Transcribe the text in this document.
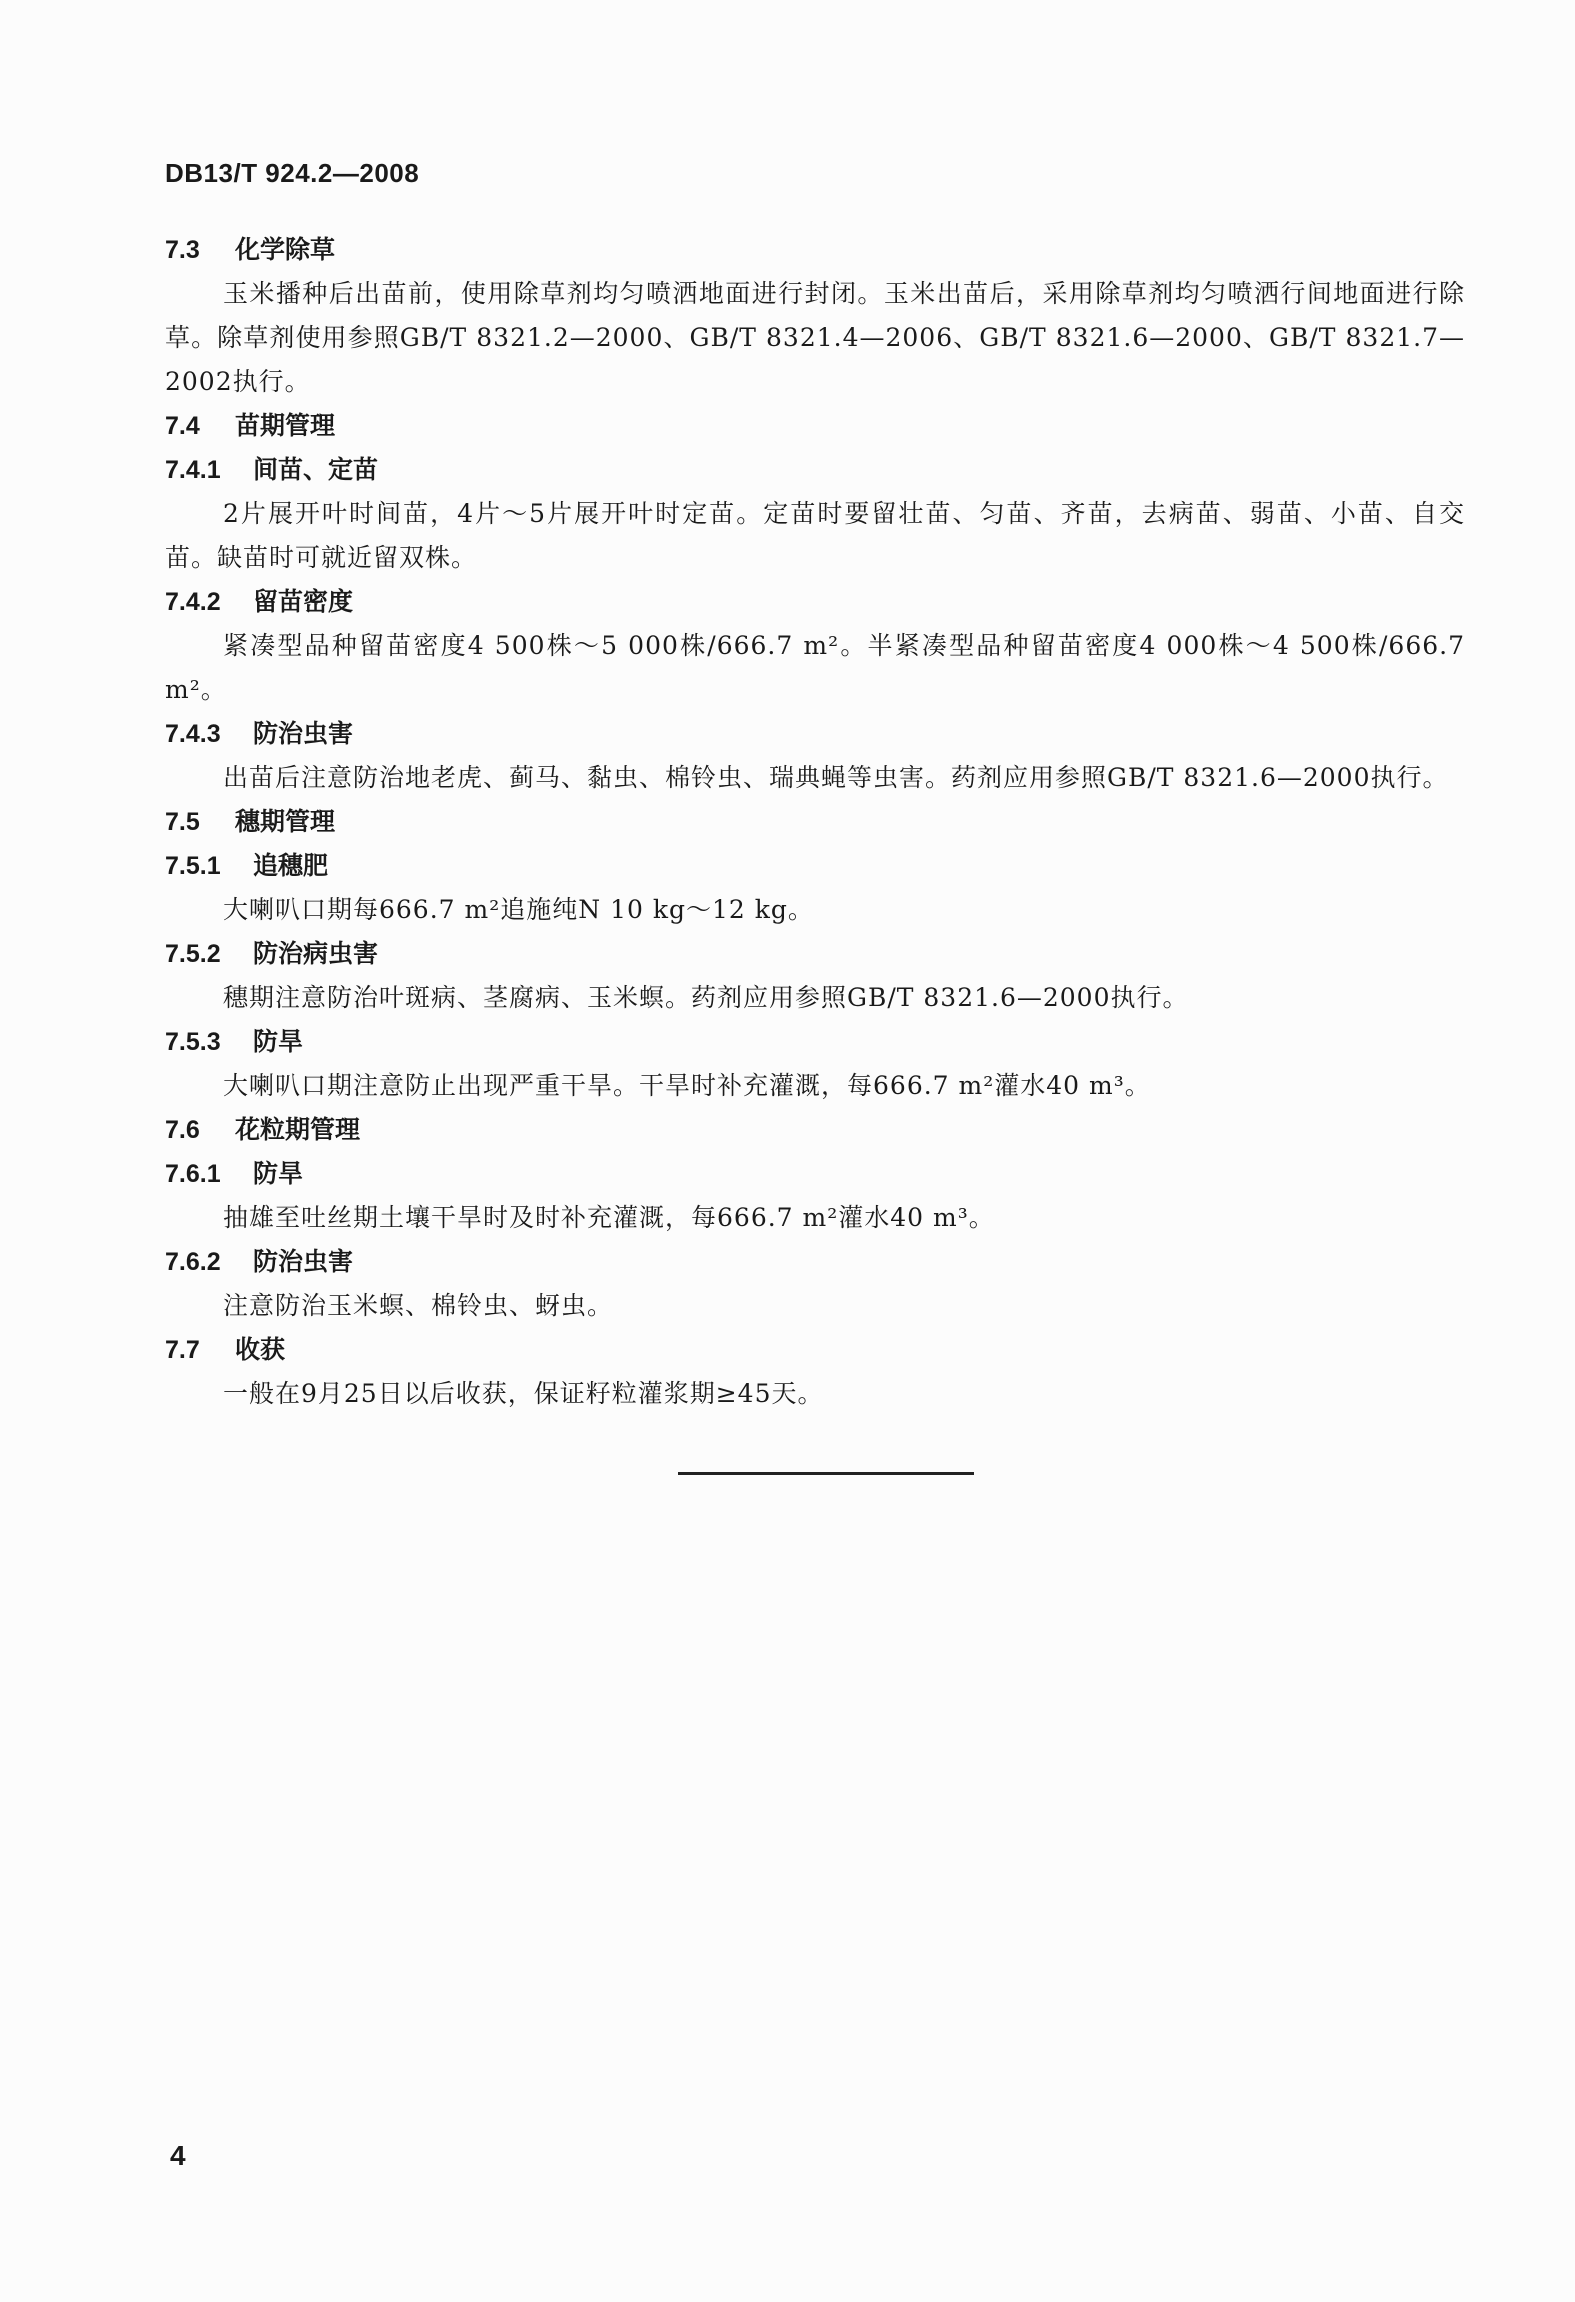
DB13/T 924.2—2008
7.3 化学除草

玉米播种后出苗前，使用除草剂均匀喷洒地面进行封闭。玉米出苗后，采用除草剂均匀喷洒行间地面进行除草。除草剂使用参照GB/T 8321.2—2000、GB/T 8321.4—2006、GB/T 8321.6—2000、GB/T 8321.7—2002执行。

7.4 苗期管理
7.4.1 间苗、定苗

2片展开叶时间苗，4片～5片展开叶时定苗。定苗时要留壮苗、匀苗、齐苗，去病苗、弱苗、小苗、自交苗。缺苗时可就近留双株。

7.4.2 留苗密度

紧凑型品种留苗密度4 500株～5 000株/666.7 m²。半紧凑型品种留苗密度4 000株～4 500株/666.7 m²。

7.4.3 防治虫害

出苗后注意防治地老虎、蓟马、黏虫、棉铃虫、瑞典蝇等虫害。药剂应用参照GB/T 8321.6—2000执行。

7.5 穗期管理
7.5.1 追穗肥

大喇叭口期每666.7 m²追施纯N 10 kg～12 kg。

7.5.2 防治病虫害

穗期注意防治叶斑病、茎腐病、玉米螟。药剂应用参照GB/T 8321.6—2000执行。

7.5.3 防旱

大喇叭口期注意防止出现严重干旱。干旱时补充灌溉，每666.7 m²灌水40 m³。

7.6 花粒期管理
7.6.1 防旱

抽雄至吐丝期土壤干旱时及时补充灌溉，每666.7 m²灌水40 m³。

7.6.2 防治虫害

注意防治玉米螟、棉铃虫、蚜虫。

7.7 收获

一般在9月25日以后收获，保证籽粒灌浆期≥45天。

4
